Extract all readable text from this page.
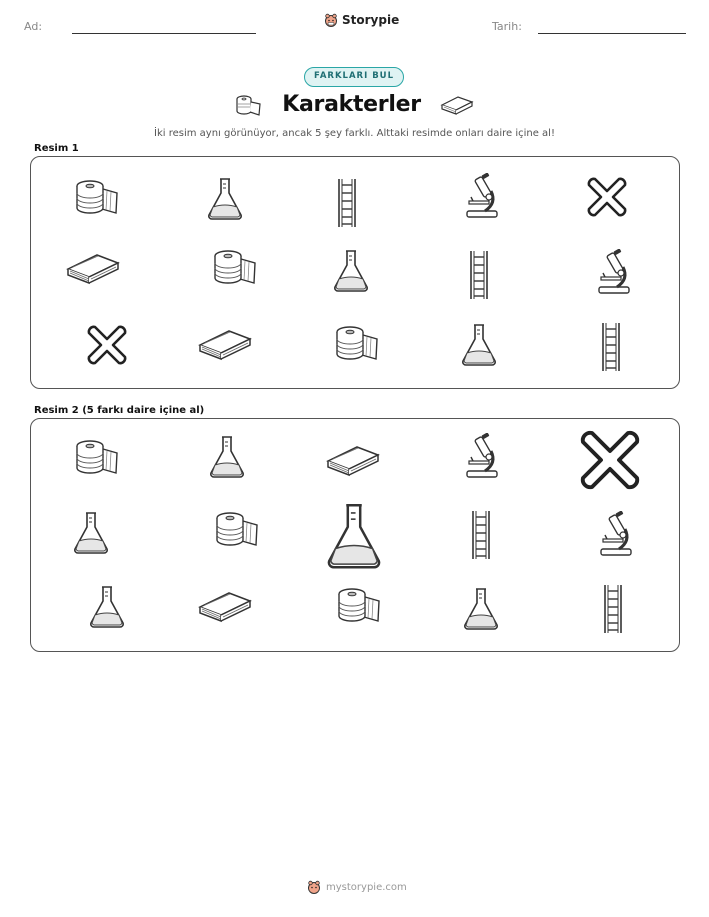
Ad:	Storypie	Tarih:
FARKLARI BUL
Karakterler
İki resim aynı görünüyor, ancak 5 şey farklı. Alttaki resimde onları daire içine al!
Resim 1
Resim 2 (5 farkı daire içine al)
mystorypie.com
